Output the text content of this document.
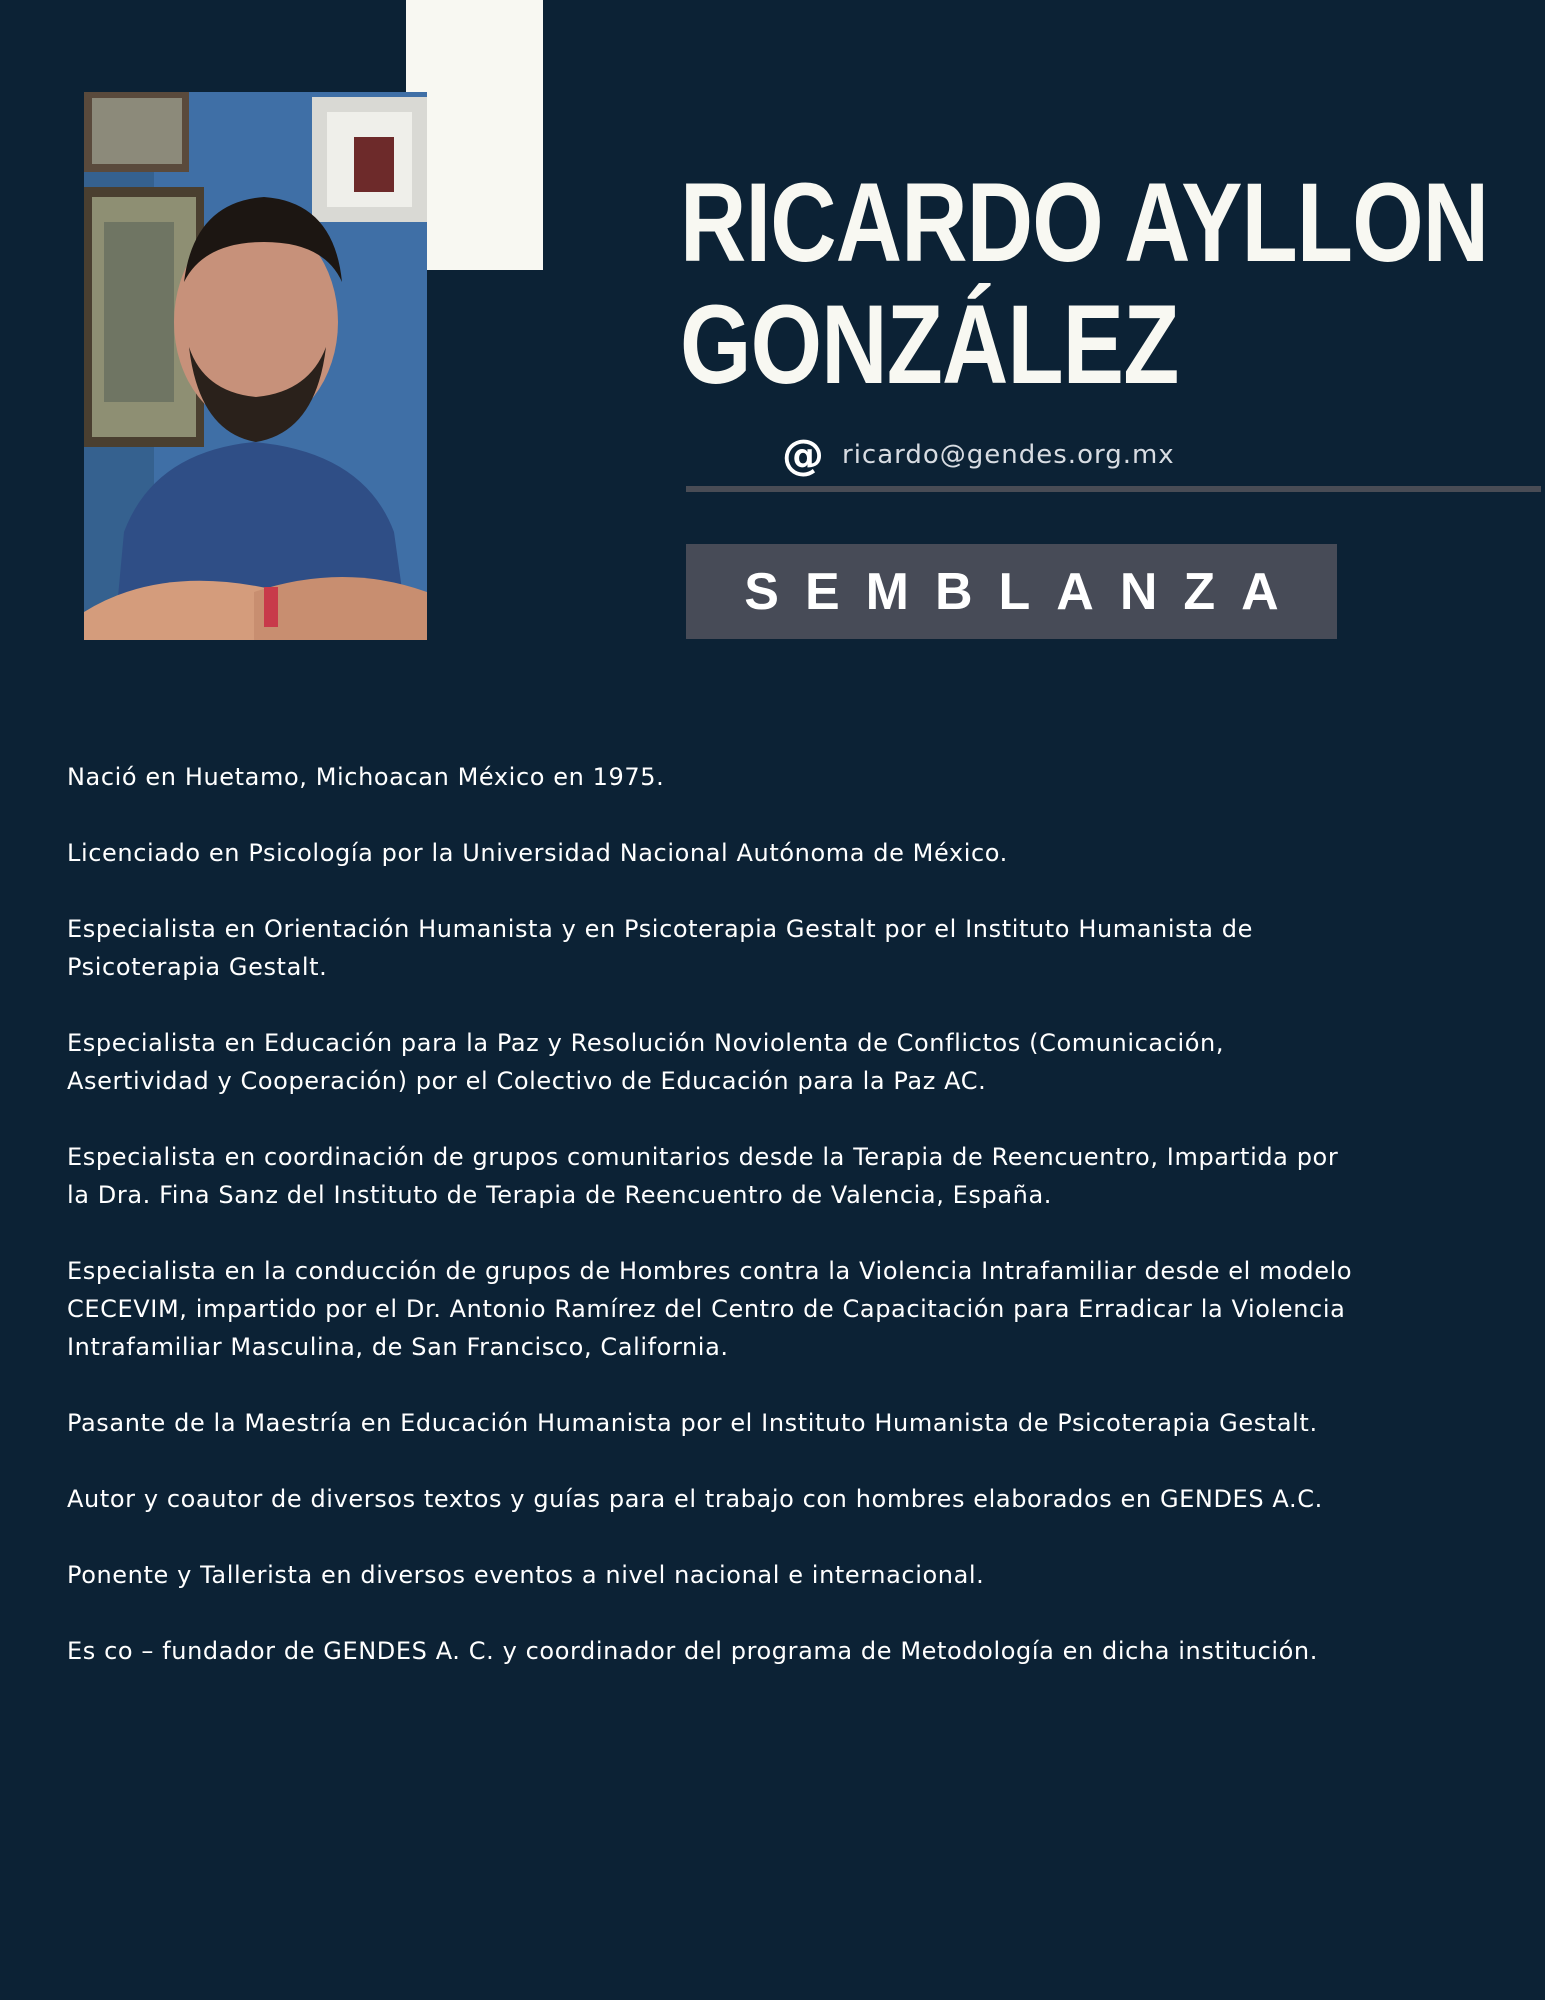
RICARDO AYLLON
GONZÁLEZ
@ ricardo@gendes.org.mx
SEMBLANZA
Nació en Huetamo, Michoacan México en 1975.
Licenciado en Psicología por la Universidad Nacional Autónoma de México.
Especialista en Orientación Humanista y en Psicoterapia Gestalt por el Instituto Humanista de
Psicoterapia Gestalt.
Especialista en Educación para la Paz y Resolución Noviolenta de Conflictos (Comunicación,
Asertividad y Cooperación) por el Colectivo de Educación para la Paz AC.
Especialista en coordinación de grupos comunitarios desde la Terapia de Reencuentro, Impartida por
la Dra. Fina Sanz del Instituto de Terapia de Reencuentro de Valencia, España.
Especialista en la conducción de grupos de Hombres contra la Violencia Intrafamiliar desde el modelo
CECEVIM, impartido por el Dr. Antonio Ramírez del Centro de Capacitación para Erradicar la Violencia
Intrafamiliar Masculina, de San Francisco, California.
Pasante de la Maestría en Educación Humanista por el Instituto Humanista de Psicoterapia Gestalt.
Autor y coautor de diversos textos y guías para el trabajo con hombres elaborados en GENDES A.C.
Ponente y Tallerista en diversos eventos a nivel nacional e internacional.
Es co – fundador de GENDES A. C. y coordinador del programa de Metodología en dicha institución.
